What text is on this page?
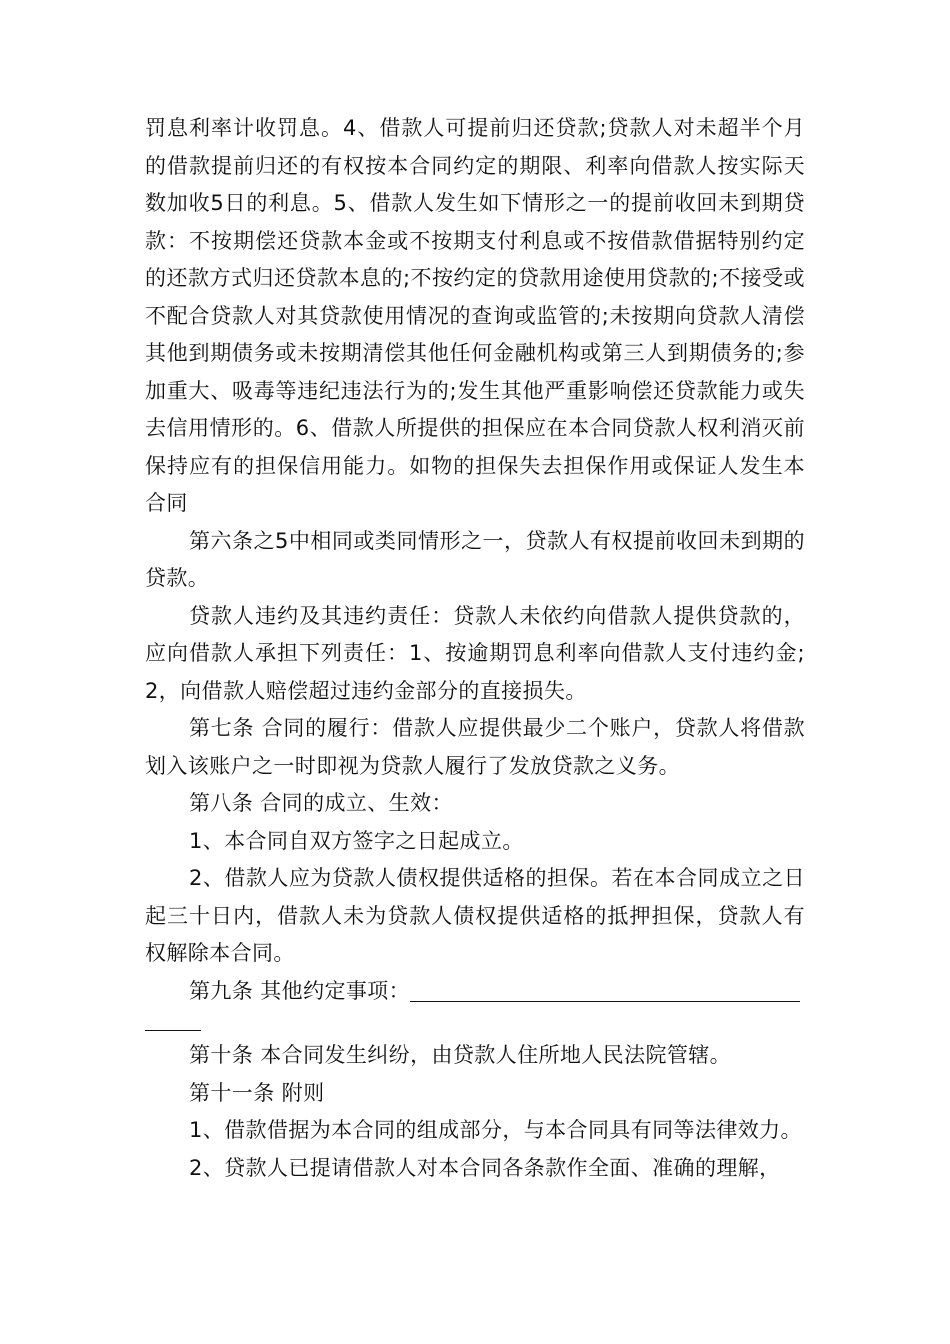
罚息利率计收罚息。4、借款人可提前归还贷款;贷款人对未超半个月的借款提前归还的有权按本合同约定的期限、利率向借款人按实际天数加收5日的利息。5、借款人发生如下情形之一的提前收回未到期贷款：不按期偿还贷款本金或不按期支付利息或不按借款借据特别约定的还款方式归还贷款本息的;不按约定的贷款用途使用贷款的;不接受或不配合贷款人对其贷款使用情况的查询或监管的;未按期向贷款人清偿其他到期债务或未按期清偿其他任何金融机构或第三人到期债务的;参加重大、吸毒等违纪违法行为的;发生其他严重影响偿还贷款能力或失去信用情形的。6、借款人所提供的担保应在本合同贷款人权利消灭前保持应有的担保信用能力。如物的担保失去担保作用或保证人发生本合同

第六条之5中相同或类同情形之一，贷款人有权提前收回未到期的贷款。

贷款人违约及其违约责任：贷款人未依约向借款人提供贷款的，应向借款人承担下列责任：1、按逾期罚息利率向借款人支付违约金;2，向借款人赔偿超过违约金部分的直接损失。

第七条 合同的履行：借款人应提供最少二个账户，贷款人将借款划入该账户之一时即视为贷款人履行了发放贷款之义务。

第八条 合同的成立、生效：

1、本合同自双方签字之日起成立。

2、借款人应为贷款人债权提供适格的担保。若在本合同成立之日起三十日内，借款人未为贷款人债权提供适格的抵押担保，贷款人有权解除本合同。

第九条 其他约定事项：

第十条 本合同发生纠纷，由贷款人住所地人民法院管辖。

第十一条 附则

1、借款借据为本合同的组成部分，与本合同具有同等法律效力。

2、贷款人已提请借款人对本合同各条款作全面、准确的理解，
